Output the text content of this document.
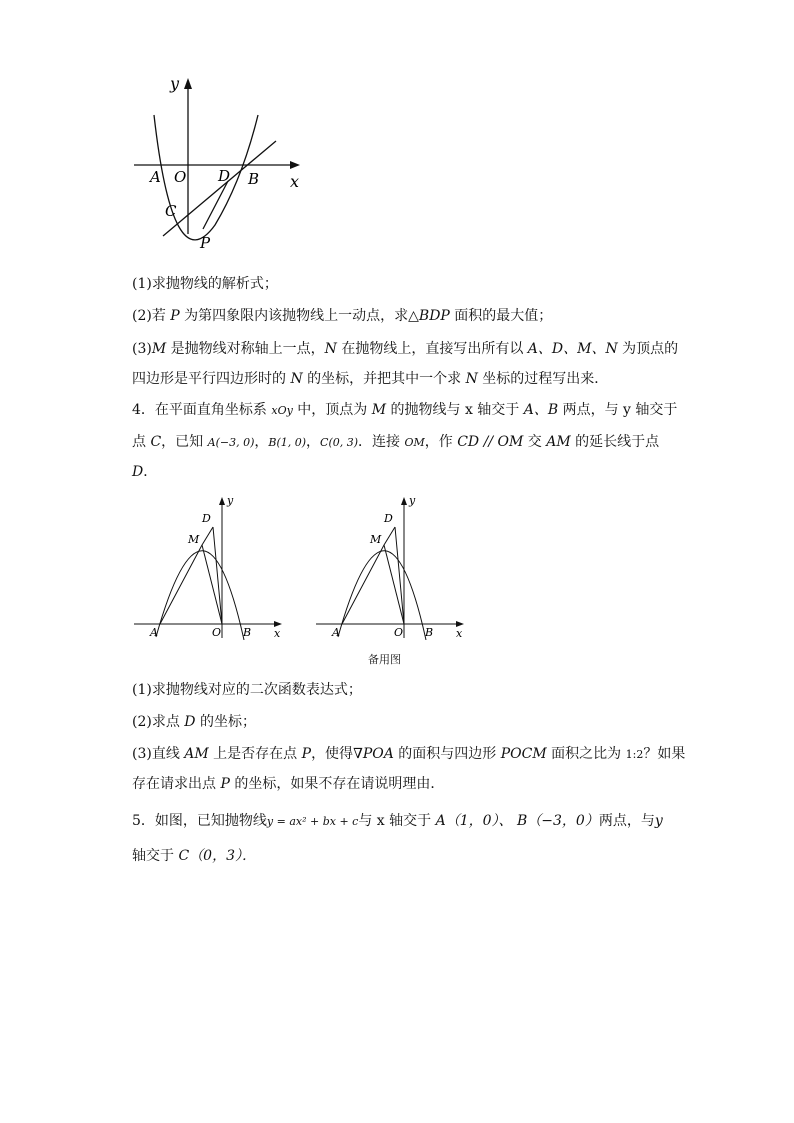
y
x
A O D B
C
P
(1)求抛物线的解析式；
(2)若 P 为第四象限内该抛物线上一动点，求△BDP 面积的最大值；
(3)M 是抛物线对称轴上一点，N 在抛物线上，直接写出所有以 A、D、M、N 为顶点的
四边形是平行四边形时的 N 的坐标，并把其中一个求 N 坐标的过程写出来．
4．在平面直角坐标系 xOy 中，顶点为 M 的抛物线与 x 轴交于 A、B 两点，与 y 轴交于
点 C，已知 A(−3, 0)，B(1, 0)，C(0, 3)．连接 OM，作 CD // OM 交 AM 的延长线于点
D．
D
y
M
A	O B x
D
y
M
A	O B x
备用图
(1)求抛物线对应的二次函数表达式；
(2)求点 D 的坐标；
(3)直线 AM 上是否存在点 P，使得∇POA 的面积与四边形 POCM 面积之比为 1:2？如果
存在请求出点 P 的坐标，如果不存在请说明理由．
5．如图，已知抛物线y = ax² + bx + c与 x 轴交于 A（1，0）、 B（−3，0）两点，与y
轴交于 C（0，3）．
